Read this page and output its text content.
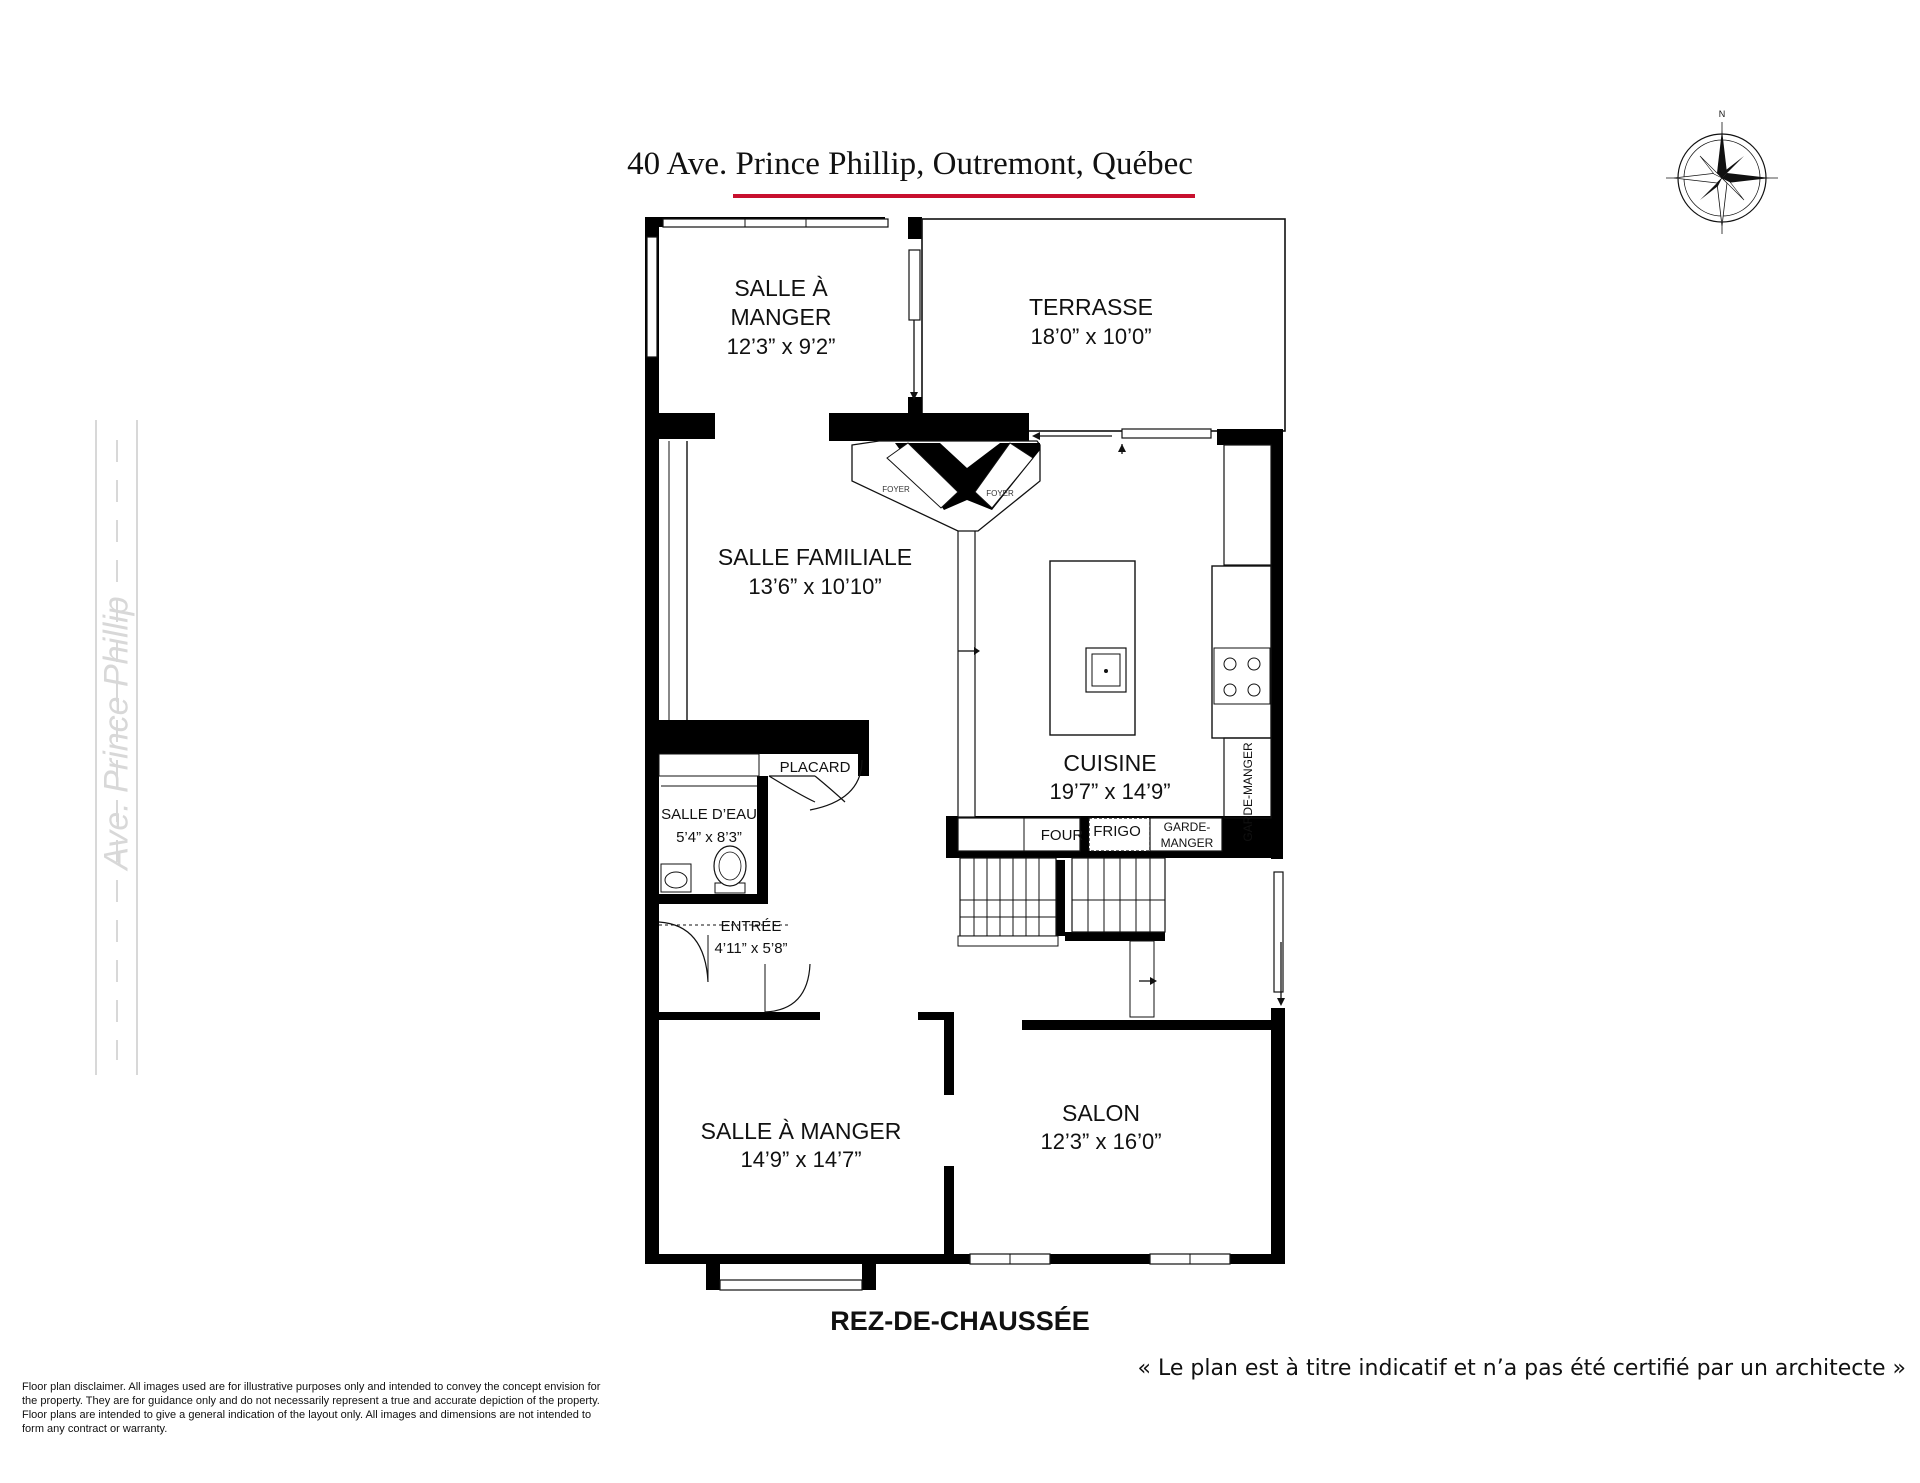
40 Ave. Prince Phillip, Outremont, Québec
Ave. Prince Phillip
N
FOYER	FOYER
FOUR FRIGO GARDE-
MANGER
GARDE-MANGER
SALLE À
MANGER
12’3” x 9’2”
TERRASSE
18’0” x 10’0”
SALLE FAMILIALE
13’6” x 10’10”
CUISINE
19’7” x 14’9”
PLACARD
SALLE D’EAU
5’4” x 8’3”
ENTRÉE
4’11” x 5’8”
SALLE À MANGER
14’9” x 14’7”
SALON
12’3” x 16’0”
REZ-DE-CHAUSSÉE
« Le plan est à titre indicatif et n’a pas été certifié par un architecte »
Floor plan disclaimer. All images used are for illustrative purposes only and intended to convey the concept envision for the property. They are for guidance only and do not necessarily represent a true and accurate depiction of the property. Floor plans are intended to give a general indication of the layout only. All images and dimensions are not intended to form any contract or warranty.
